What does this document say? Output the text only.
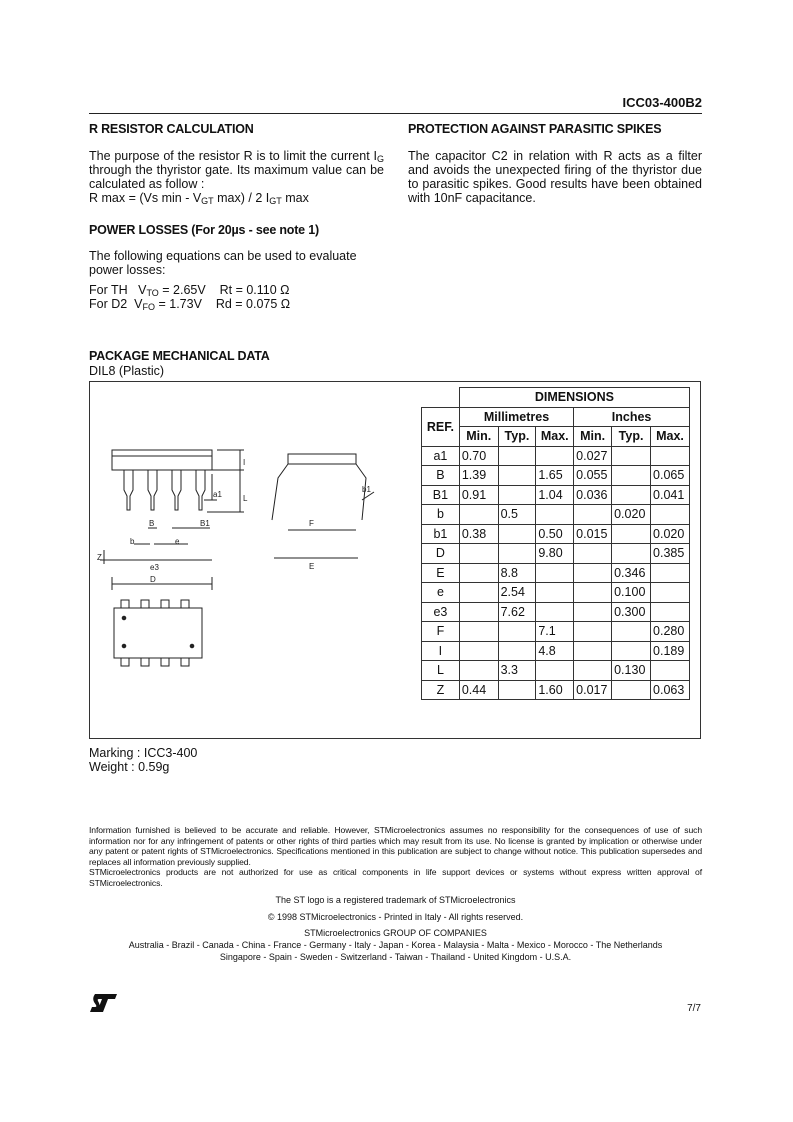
ICC03-400B2
R RESISTOR CALCULATION

The purpose of the resistor R is to limit the current $I_G$ through the thyristor gate. Its maximum value can be calculated as follow :

R max = (Vs min - $V_{GT}$ max) / 2 $I_{GT}$ max

PROTECTION AGAINST PARASITIC SPIKES

The capacitor C2 in relation with R acts as a filter and avoids the unexpected firing of the thyristor due to parasitic spikes. Good results have been obtained with 10nF capacitance.

POWER LOSSES (For 20µs - see note 1)

The following equations can be used to evaluate power losses:

For TH $V_{TO} = 2.65V$ Rt = 0.110 Ω

For D2 $V_{FO} = 1.73V$ Rd = 0.075 Ω

PACKAGE MECHANICAL DATA

DIL8 (Plastic)

I
a1	L
B	B1
b	e
Z
e3
D
b1
F
E
	DIMENSIONS					
REF.	Millimetres			Inches		
	Min.	Typ.	Max.	Min.	Typ.	Max.
a1	0.70			0.027		
B	1.39		1.65	0.055		0.065
B1	0.91		1.04	0.036		0.041
b		0.5			0.020	
b1	0.38		0.50	0.015		0.020
D			9.80			0.385
E		8.8			0.346	
e		2.54			0.100	
e3		7.62			0.300	
F			7.1			0.280
I			4.8			0.189
L		3.3			0.130	
Z	0.44		1.60	0.017		0.063

Marking : ICC3-400

Weight : 0.59g

Information furnished is believed to be accurate and reliable. However, STMicroelectronics assumes no responsibility for the consequences of use of such information nor for any infringement of patents or other rights of third parties which may result from its use. No license is granted by implication or otherwise under any patent or patent rights of STMicroelectronics. Specifications mentioned in this publication are subject to change without notice. This publication supersedes and replaces all information previously supplied.

STMicroelectronics products are not authorized for use as critical components in life support devices or systems without express written approval of STMicroelectronics.

The ST logo is a registered trademark of STMicroelectronics

© 1998 STMicroelectronics - Printed in Italy - All rights reserved.

STMicroelectronics GROUP OF COMPANIES

Australia - Brazil - Canada - China - France - Germany - Italy - Japan - Korea - Malaysia - Malta - Mexico - Morocco - The Netherlands

Singapore - Spain - Sweden - Switzerland - Taiwan - Thailand - United Kingdom - U.S.A.

7/7
